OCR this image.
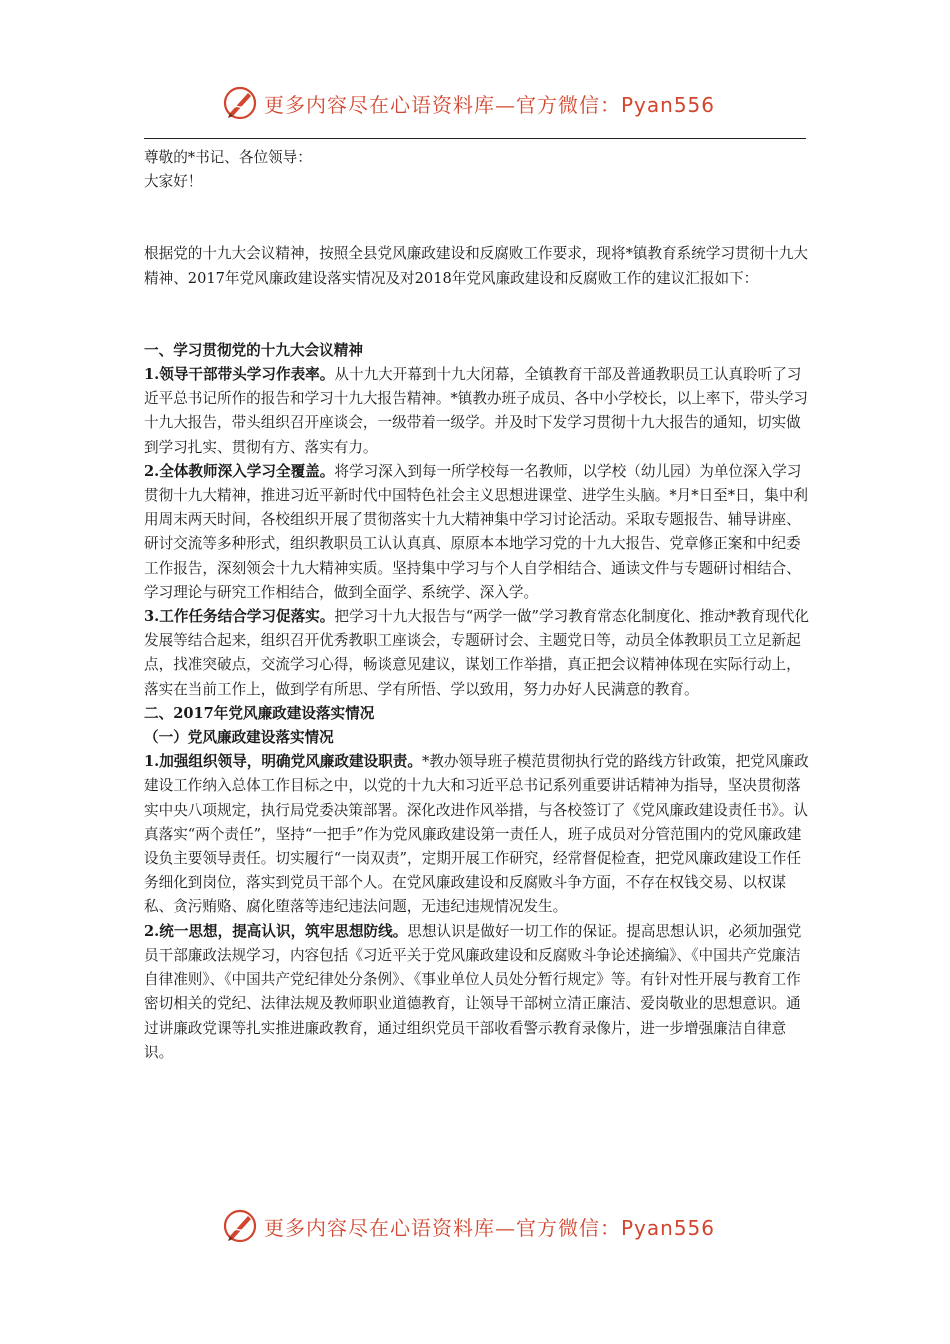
更多内容尽在心语资料库—官方微信：Pyan556

尊敬的*书记、各位领导：

大家好！

根据党的十九大会议精神，按照全县党风廉政建设和反腐败工作要求，现将*镇教育系统学习贯彻十九大精神、2017年党风廉政建设落实情况及对2018年党风廉政建设和反腐败工作的建议汇报如下：

一、学习贯彻党的十九大会议精神

1.领导干部带头学习作表率。从十九大开幕到十九大闭幕，全镇教育干部及普通教职员工认真聆听了习近平总书记所作的报告和学习十九大报告精神。*镇教办班子成员、各中小学校长，以上率下，带头学习十九大报告，带头组织召开座谈会，一级带着一级学。并及时下发学习贯彻十九大报告的通知，切实做到学习扎实、贯彻有方、落实有力。

2.全体教师深入学习全覆盖。将学习深入到每一所学校每一名教师，以学校（幼儿园）为单位深入学习贯彻十九大精神，推进习近平新时代中国特色社会主义思想进课堂、进学生头脑。*月*日至*日，集中利用周末两天时间，各校组织开展了贯彻落实十九大精神集中学习讨论活动。采取专题报告、辅导讲座、研讨交流等多种形式，组织教职员工认认真真、原原本本地学习党的十九大报告、党章修正案和中纪委工作报告，深刻领会十九大精神实质。坚持集中学习与个人自学相结合、通读文件与专题研讨相结合、学习理论与研究工作相结合，做到全面学、系统学、深入学。

3.工作任务结合学习促落实。把学习十九大报告与“两学一做”学习教育常态化制度化、推动*教育现代化发展等结合起来，组织召开优秀教职工座谈会，专题研讨会、主题党日等，动员全体教职员工立足新起点，找准突破点，交流学习心得，畅谈意见建议，谋划工作举措，真正把会议精神体现在实际行动上，落实在当前工作上，做到学有所思、学有所悟、学以致用，努力办好人民满意的教育。

二、2017年党风廉政建设落实情况

（一）党风廉政建设落实情况

1.加强组织领导，明确党风廉政建设职责。*教办领导班子模范贯彻执行党的路线方针政策，把党风廉政建设工作纳入总体工作目标之中，以党的十九大和习近平总书记系列重要讲话精神为指导，坚决贯彻落实中央八项规定，执行局党委决策部署。深化改进作风举措，与各校签订了《党风廉政建设责任书》。认真落实“两个责任”，坚持“一把手”作为党风廉政建设第一责任人，班子成员对分管范围内的党风廉政建设负主要领导责任。切实履行“一岗双责”，定期开展工作研究，经常督促检查，把党风廉政建设工作任务细化到岗位，落实到党员干部个人。在党风廉政建设和反腐败斗争方面，不存在权钱交易、以权谋私、贪污贿赂、腐化堕落等违纪违法问题，无违纪违规情况发生。

2.统一思想，提高认识，筑牢思想防线。思想认识是做好一切工作的保证。提高思想认识，必须加强党员干部廉政法规学习，内容包括《习近平关于党风廉政建设和反腐败斗争论述摘编》、《中国共产党廉洁自律准则》、《中国共产党纪律处分条例》、《事业单位人员处分暂行规定》等。有针对性开展与教育工作密切相关的党纪、法律法规及教师职业道德教育，让领导干部树立清正廉洁、爱岗敬业的思想意识。通过讲廉政党课等扎实推进廉政教育，通过组织党员干部收看警示教育录像片，进一步增强廉洁自律意识。

更多内容尽在心语资料库—官方微信：Pyan556
